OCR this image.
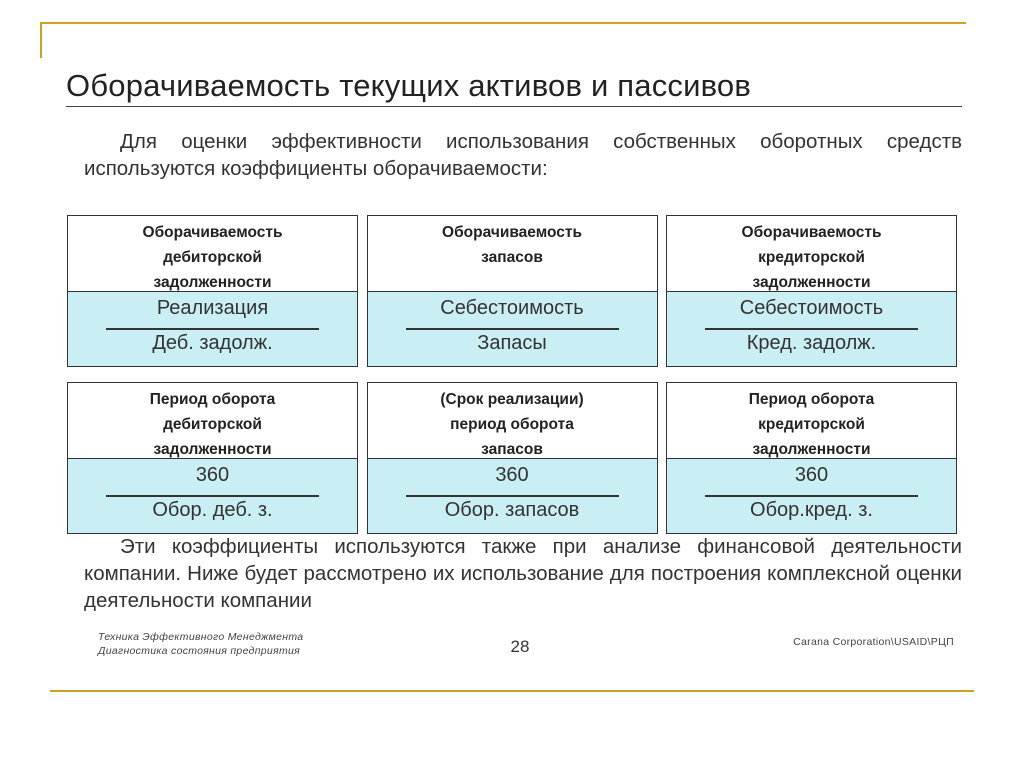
Оборачиваемость текущих активов и пассивов
Для оценки эффективности использования собственных оборотных средств используются коэффициенты оборачиваемости:
Оборачиваемость
дебиторской
задолженности
Реализация
Деб. задолж.
Оборачиваемость
запасов
Себестоимость
Запасы
Оборачиваемость
кредиторской
задолженности
Себестоимость
Кред. задолж.
Период оборота
дебиторской
задолженности
360
Обор. деб. з.
(Срок реализации)
период оборота
запасов
360
Обор. запасов
Период оборота
кредиторской
задолженности
360
Обор.кред. з.
Эти коэффициенты используются также при анализе финансовой деятельности компании. Ниже будет рассмотрено их использование для построения комплексной оценки деятельности компании
Техника Эффективного Менеджмента
Диагностика состояния предприятия	28	Carana Corporation\USAID\РЦП
